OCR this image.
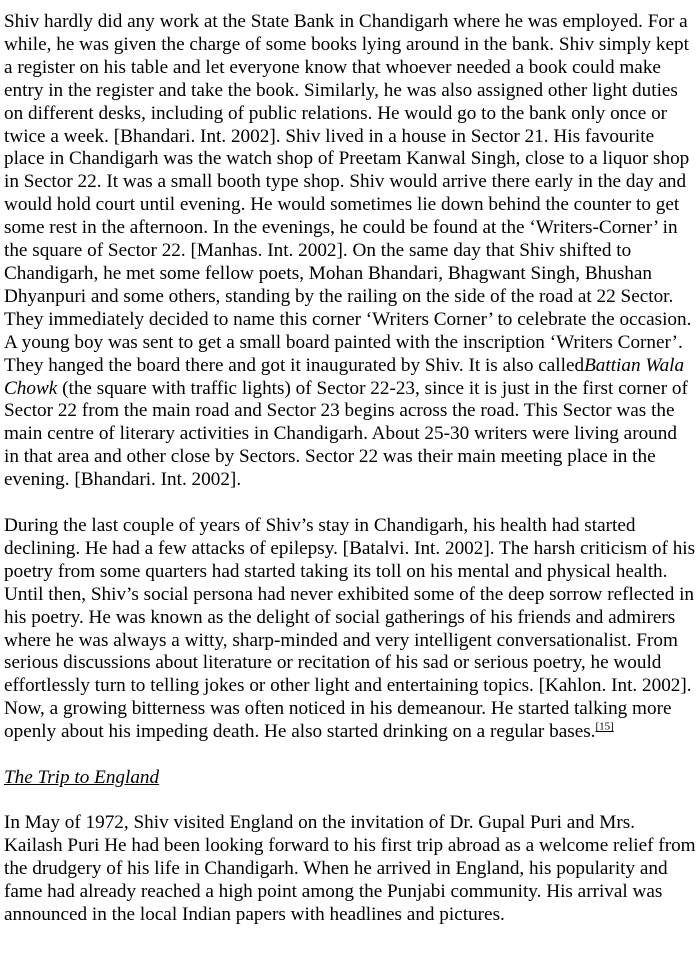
Shiv hardly did any work at the State Bank in Chandigarh where he was employed. For a while, he was given the charge of some books lying around in the bank. Shiv simply kept a register on his table and let everyone know that whoever needed a book could make entry in the register and take the book. Similarly, he was also assigned other light duties on different desks, including of public relations. He would go to the bank only once or twice a week. [Bhandari. Int. 2002]. Shiv lived in a house in Sector 21. His favourite place in Chandigarh was the watch shop of Preetam Kanwal Singh, close to a liquor shop in Sector 22. It was a small booth type shop. Shiv would arrive there early in the day and would hold court until evening. He would sometimes lie down behind the counter to get some rest in the afternoon. In the evenings, he could be found at the ‘Writers-Corner’ in the square of Sector 22. [Manhas. Int. 2002]. On the same day that Shiv shifted to Chandigarh, he met some fellow poets, Mohan Bhandari, Bhagwant Singh, Bhushan Dhyanpuri and some others, standing by the railing on the side of the road at 22 Sector. They immediately decided to name this corner ‘Writers Corner’ to celebrate the occasion. A young boy was sent to get a small board painted with the inscription ‘Writers Corner’. They hanged the board there and got it inaugurated by Shiv. It is also calledBattian Wala Chowk (the square with traffic lights) of Sector 22-23, since it is just in the first corner of Sector 22 from the main road and Sector 23 begins across the road. This Sector was the main centre of literary activities in Chandigarh. About 25-30 writers were living around in that area and other close by Sectors. Sector 22 was their main meeting place in the evening. [Bhandari. Int. 2002].

During the last couple of years of Shiv’s stay in Chandigarh, his health had started declining. He had a few attacks of epilepsy. [Batalvi. Int. 2002]. The harsh criticism of his poetry from some quarters had started taking its toll on his mental and physical health. Until then, Shiv’s social persona had never exhibited some of the deep sorrow reflected in his poetry. He was known as the delight of social gatherings of his friends and admirers where he was always a witty, sharp-minded and very intelligent conversationalist. From serious discussions about literature or recitation of his sad or serious poetry, he would effortlessly turn to telling jokes or other light and entertaining topics. [Kahlon. Int. 2002]. Now, a growing bitterness was often noticed in his demeanour. He started talking more openly about his impeding death. He also started drinking on a regular bases.[15]

The Trip to England

In May of 1972, Shiv visited England on the invitation of Dr. Gupal Puri and Mrs. Kailash Puri He had been looking forward to his first trip abroad as a welcome relief from the drudgery of his life in Chandigarh. When he arrived in England, his popularity and fame had already reached a high point among the Punjabi community. His arrival was announced in the local Indian papers with headlines and pictures.
